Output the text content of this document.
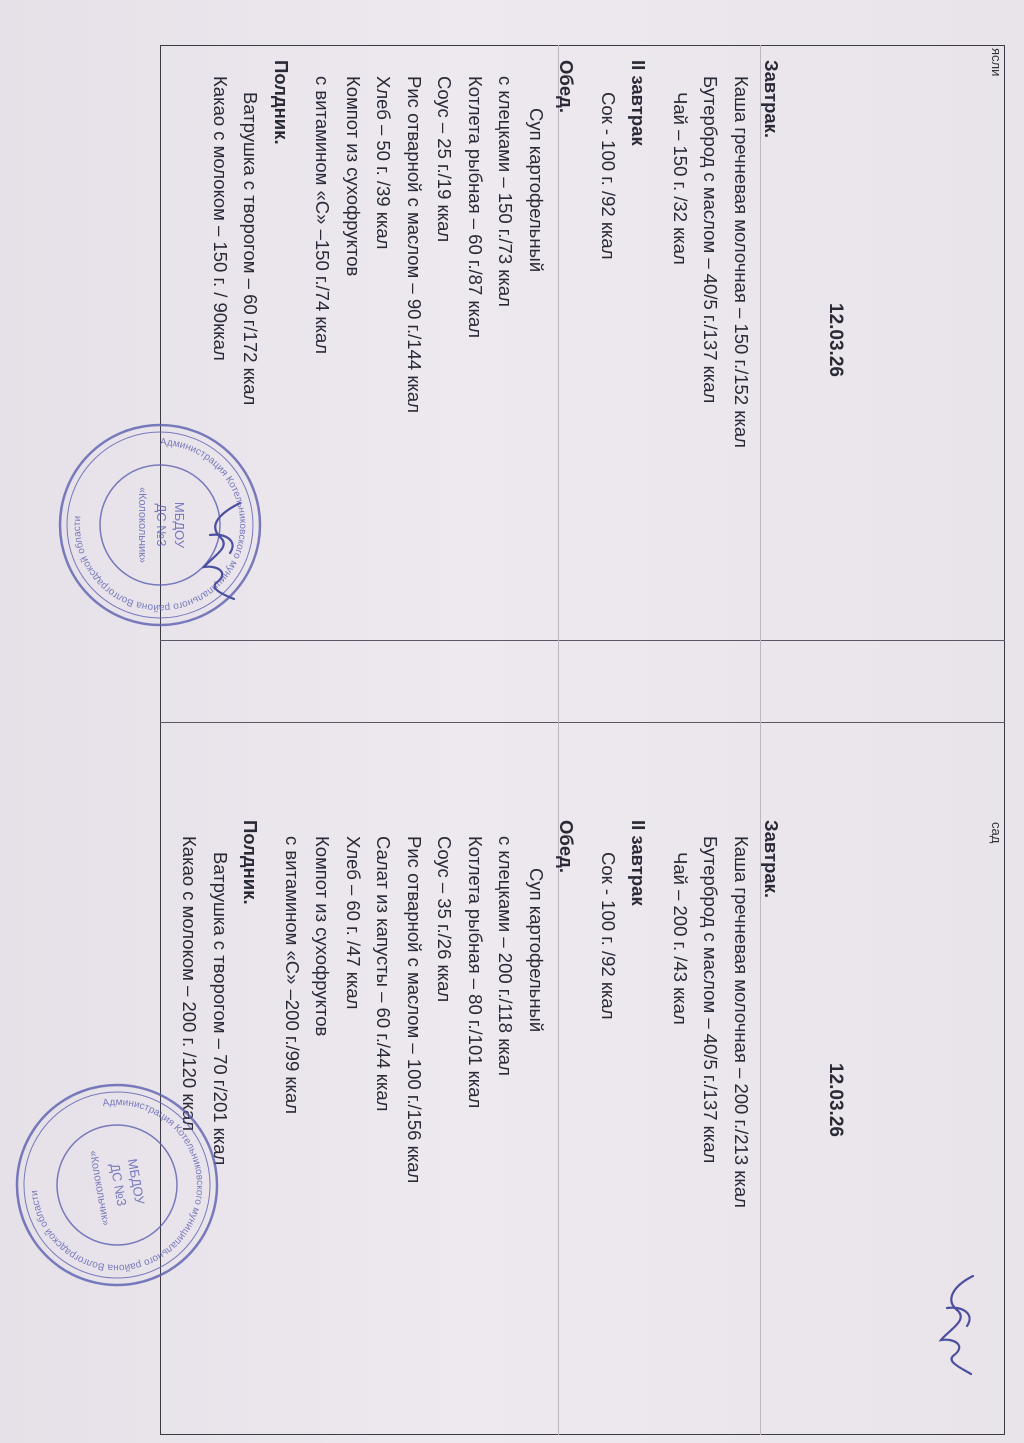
ясли
сад
12.03.26
Завтрак.
Каша гречневая молочная – 150 г./152 ккал
Бутерброд с маслом – 40/5 г./137 ккал
Чай – 150 г. /32 ккал
II завтрак
Сок - 100 г. /92 ккал
Обед.
Суп картофельный
с клецками – 150 г./73 ккал
Котлета рыбная – 60 г./87 ккал
Соус – 25 г./19 ккал
Рис отварной с маслом – 90 г./144 ккал
Хлеб – 50 г. /39 ккал
Компот из сухофруктов
с витамином «С» –150 г./74 ккал
Полдник.
Ватрушка с творогом – 60 г/172 ккал
Какао с молоком – 150 г. / 90ккал
12.03.26
Завтрак.
Каша гречневая молочная – 200 г./213 ккал
Бутерброд с маслом – 40/5 г./137 ккал
Чай – 200 г. /43 ккал
II завтрак
Сок - 100 г. /92 ккал
Обед.
Суп картофельный
с клецками – 200 г./118 ккал
Котлета рыбная – 80 г./101 ккал
Соус – 35 г./26 ккал
Рис отварной с маслом – 100 г./156 ккал
Салат из капусты – 60 г./44 ккал
Хлеб – 60 г. /47 ккал
Компот из сухофруктов
с витамином «С» –200 г./99 ккал
Полдник.
Ватрушка с творогом – 70 г/201 ккал
Какао с молоком – 200 г. /120 ккал
Администрация Котельниковского муниципального района Волгоградской области	МБДОУ
ДС №3
«Колокольчик»
Администрация Котельниковского муниципального района Волгоградской области	МБДОУ
ДС №3
«Колокольчик»
